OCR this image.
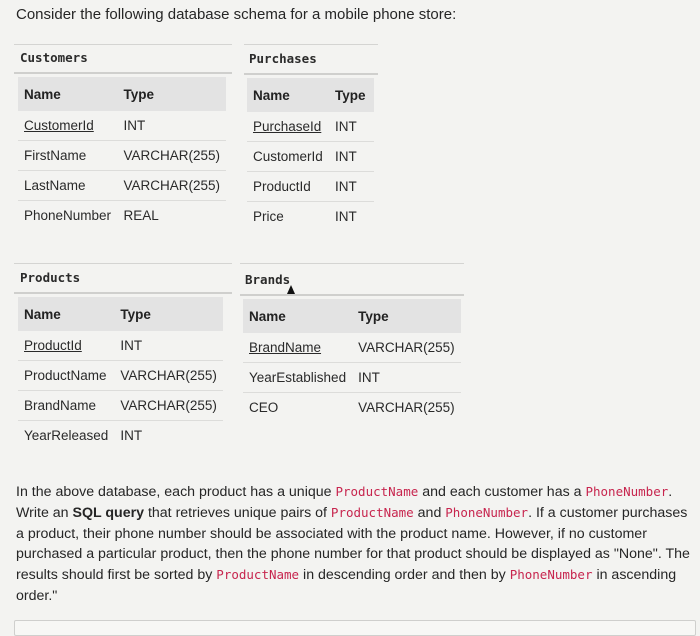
Consider the following database schema for a mobile phone store:
Customers
Name	Type
CustomerId	INT
FirstName	VARCHAR(255)
LastName	VARCHAR(255)
PhoneNumber	REAL
Purchases
Name	Type
PurchaseId	INT
CustomerId	INT
ProductId	INT
Price	INT
Products
Name	Type
ProductId	INT
ProductName	VARCHAR(255)
BrandName	VARCHAR(255)
YearReleased	INT
Brands
Name	Type
BrandName	VARCHAR(255)
YearEstablished	INT
CEO	VARCHAR(255)
In the above database, each product has a unique ProductName and each customer has a PhoneNumber. Write an SQL query that retrieves unique pairs of ProductName and PhoneNumber. If a customer purchases a product, their phone number should be associated with the product name. However, if no customer purchased a particular product, then the phone number for that product should be displayed as "None". The results should first be sorted by ProductName in descending order and then by PhoneNumber in ascending order."
